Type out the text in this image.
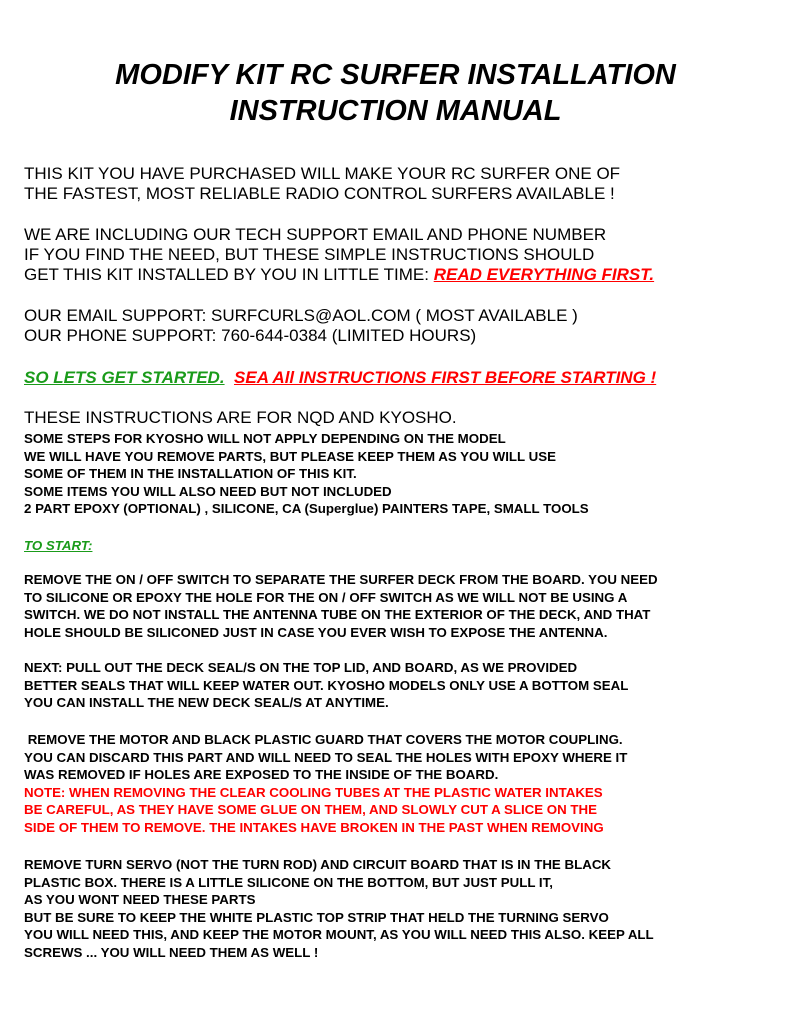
MODIFY KIT RC SURFER INSTALLATION
INSTRUCTION MANUAL

THIS KIT YOU HAVE PURCHASED WILL MAKE YOUR RC SURFER ONE OF

THE FASTEST, MOST RELIABLE RADIO CONTROL SURFERS AVAILABLE !

WE ARE INCLUDING OUR TECH SUPPORT EMAIL AND PHONE NUMBER

IF YOU FIND THE NEED, BUT THESE SIMPLE INSTRUCTIONS SHOULD

GET THIS KIT INSTALLED BY YOU IN LITTLE TIME: READ EVERYTHING FIRST.

OUR EMAIL SUPPORT: SURFCURLS@AOL.COM ( MOST AVAILABLE )

OUR PHONE SUPPORT: 760-644-0384 (LIMITED HOURS)

SO LETS GET STARTED. SEA All INSTRUCTIONS FIRST BEFORE STARTING !

THESE INSTRUCTIONS ARE FOR NQD AND KYOSHO.

SOME STEPS FOR KYOSHO WILL NOT APPLY DEPENDING ON THE MODEL

WE WILL HAVE YOU REMOVE PARTS, BUT PLEASE KEEP THEM AS YOU WILL USE

SOME OF THEM IN THE INSTALLATION OF THIS KIT.

SOME ITEMS YOU WILL ALSO NEED BUT NOT INCLUDED

2 PART EPOXY (OPTIONAL) , SILICONE, CA (Superglue) PAINTERS TAPE, SMALL TOOLS

TO START:

REMOVE THE ON / OFF SWITCH TO SEPARATE THE SURFER DECK FROM THE BOARD. YOU NEED

TO SILICONE OR EPOXY THE HOLE FOR THE ON / OFF SWITCH AS WE WILL NOT BE USING A

SWITCH. WE DO NOT INSTALL THE ANTENNA TUBE ON THE EXTERIOR OF THE DECK, AND THAT

HOLE SHOULD BE SILICONED JUST IN CASE YOU EVER WISH TO EXPOSE THE ANTENNA.

NEXT: PULL OUT THE DECK SEAL/S ON THE TOP LID, AND BOARD, AS WE PROVIDED

BETTER SEALS THAT WILL KEEP WATER OUT. KYOSHO MODELS ONLY USE A BOTTOM SEAL

YOU CAN INSTALL THE NEW DECK SEAL/S AT ANYTIME.

REMOVE THE MOTOR AND BLACK PLASTIC GUARD THAT COVERS THE MOTOR COUPLING.

YOU CAN DISCARD THIS PART AND WILL NEED TO SEAL THE HOLES WITH EPOXY WHERE IT

WAS REMOVED IF HOLES ARE EXPOSED TO THE INSIDE OF THE BOARD.

NOTE: WHEN REMOVING THE CLEAR COOLING TUBES AT THE PLASTIC WATER INTAKES

BE CAREFUL, AS THEY HAVE SOME GLUE ON THEM, AND SLOWLY CUT A SLICE ON THE

SIDE OF THEM TO REMOVE. THE INTAKES HAVE BROKEN IN THE PAST WHEN REMOVING

REMOVE TURN SERVO (NOT THE TURN ROD) AND CIRCUIT BOARD THAT IS IN THE BLACK

PLASTIC BOX. THERE IS A LITTLE SILICONE ON THE BOTTOM, BUT JUST PULL IT,

AS YOU WONT NEED THESE PARTS

BUT BE SURE TO KEEP THE WHITE PLASTIC TOP STRIP THAT HELD THE TURNING SERVO

YOU WILL NEED THIS, AND KEEP THE MOTOR MOUNT, AS YOU WILL NEED THIS ALSO. KEEP ALL

SCREWS ... YOU WILL NEED THEM AS WELL !
